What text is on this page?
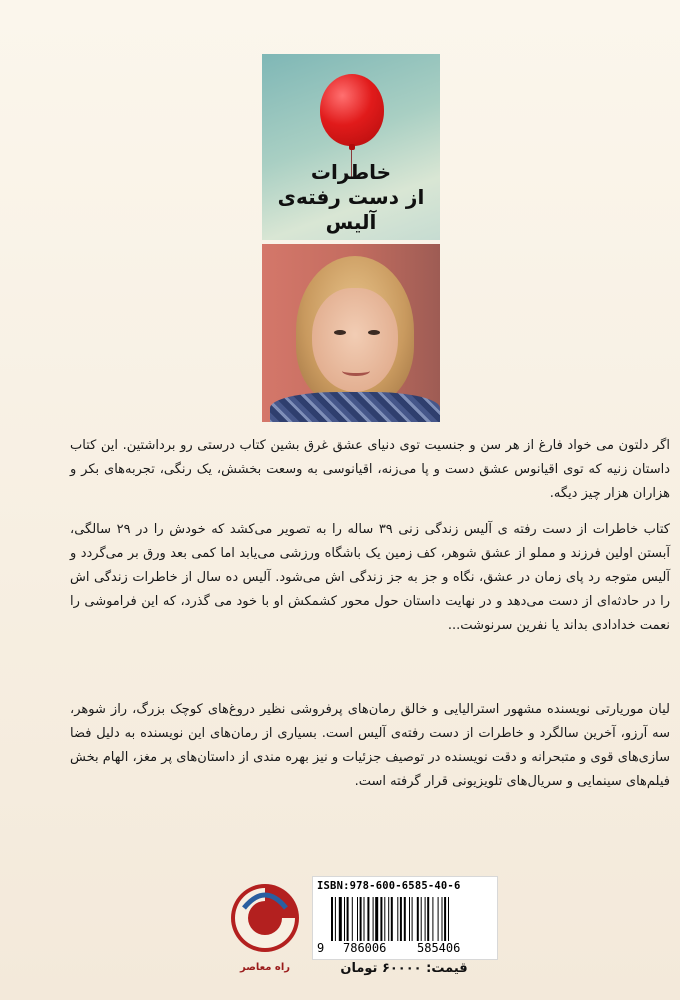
خاطرات
از دست رفته‌ی
آلیس

اگر دلتون می خواد فارغ از هر سن و جنسیت توی دنیای عشق غرق بشین کتاب درستی رو برداشتین. این کتاب داستان زنیه که توی اقیانوس عشق دست و پا می‌زنه، اقیانوسی به وسعت بخشش، یک رنگی، تجربه‌های بکر و هزاران هزار چیز دیگه.

کتاب خاطرات از دست رفته ی آلیس زندگی زنی ۳۹ ساله را به تصویر می‌کشد که خودش را در ۲۹ سالگی، آبستن اولین فرزند و مملو از عشق شوهر، کف زمین یک باشگاه ورزشی می‌یابد اما کمی بعد ورق بر می‌گردد و آلیس متوجه رد پای زمان در عشق، نگاه و جز به جز زندگی اش می‌شود. آلیس ده سال از خاطرات زندگی اش را در حادثه‌ای از دست می‌دهد و در نهایت داستان حول محور کشمکش او با خود می گذرد، که این فراموشی را نعمت خدادادی بداند یا نفرین سرنوشت...

لیان موریارتی نویسنده مشهور استرالیایی و خالق رمان‌های پرفروشی نظیر دروغ‌های کوچک بزرگ، راز شوهر، سه آرزو، آخرین سالگرد و خاطرات از دست رفته‌ی آلیس است. بسیاری از رمان‌های این نویسنده به دلیل فضا سازی‌های قوی و متبحرانه و دقت نویسنده در توصیف جزئیات و نیز بهره مندی از داستان‌های پر مغز، الهام بخش فیلم‌های سینمایی و سریال‌های تلویزیونی قرار گرفته است.

راه معاصر
ISBN:978-600-6585-40-6
9 786006	585406
قیمت: ۶۰۰۰۰ تومان
